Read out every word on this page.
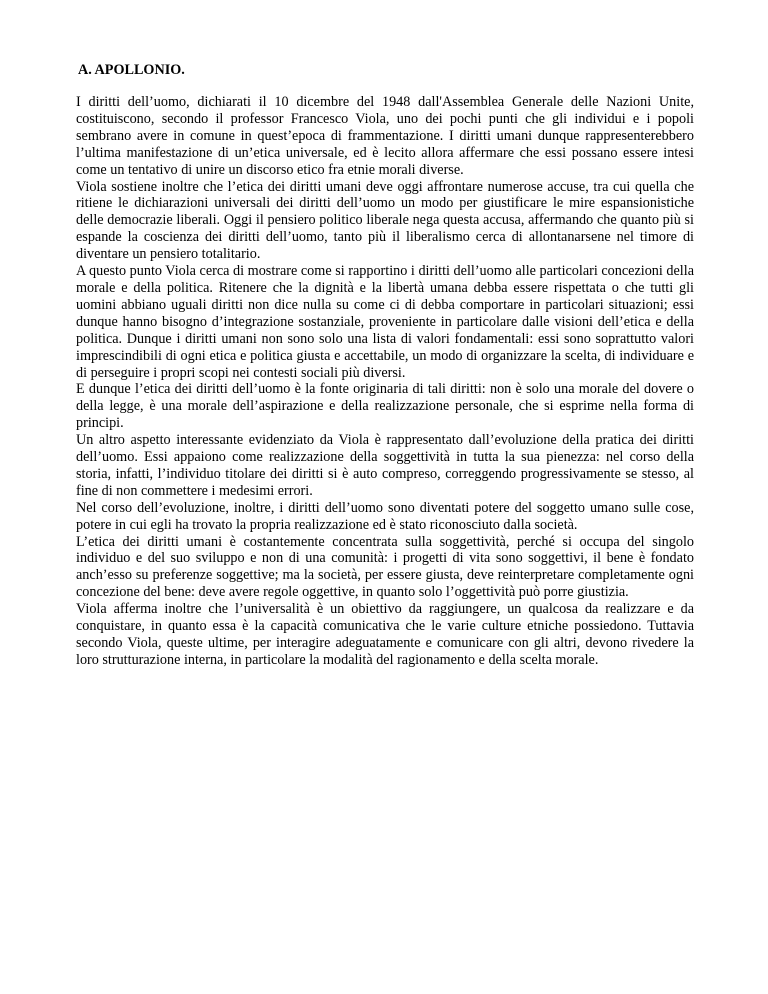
A. APOLLONIO.

I diritti dell’uomo, dichiarati il 10 dicembre del 1948 dall'Assemblea Generale delle Nazioni Unite, costituiscono, secondo il professor Francesco Viola, uno dei pochi punti che gli individui e i popoli sembrano avere in comune in quest’epoca di frammentazione. I diritti umani dunque rappresenterebbero l’ultima manifestazione di un’etica universale, ed è lecito allora affermare che essi possano essere intesi come un tentativo di unire un discorso etico fra etnie morali diverse.

Viola sostiene inoltre che l’etica dei diritti umani deve oggi affrontare numerose accuse, tra cui quella che ritiene le dichiarazioni universali dei diritti dell’uomo un modo per giustificare le mire espansionistiche delle democrazie liberali. Oggi il pensiero politico liberale nega questa accusa, affermando che quanto più si espande la coscienza dei diritti dell’uomo, tanto più il liberalismo cerca di allontanarsene nel timore di diventare un pensiero totalitario.

A questo punto Viola cerca di mostrare come si rapportino i diritti dell’uomo alle particolari concezioni della morale e della politica. Ritenere che la dignità e la libertà umana debba essere rispettata o che tutti gli uomini abbiano uguali diritti non dice nulla su come ci di debba comportare in particolari situazioni; essi dunque hanno bisogno d’integrazione sostanziale, proveniente in particolare dalle visioni dell’etica e della politica. Dunque i diritti umani non sono solo una lista di valori fondamentali: essi sono soprattutto valori imprescindibili di ogni etica e politica giusta e accettabile, un modo di organizzare la scelta, di individuare e di perseguire i propri scopi nei contesti sociali più diversi.

E dunque l’etica dei diritti dell’uomo è la fonte originaria di tali diritti: non è solo una morale del dovere o della legge, è una morale dell’aspirazione e della realizzazione personale, che si esprime nella forma di principi.

Un altro aspetto interessante evidenziato da Viola è rappresentato dall’evoluzione della pratica dei diritti dell’uomo. Essi appaiono come realizzazione della soggettività in tutta la sua pienezza: nel corso della storia, infatti, l’individuo titolare dei diritti si è auto compreso, correggendo progressivamente se stesso, al fine di non commettere i medesimi errori.

Nel corso dell’evoluzione, inoltre, i diritti dell’uomo sono diventati potere del soggetto umano sulle cose, potere in cui egli ha trovato la propria realizzazione ed è stato riconosciuto dalla società.

L’etica dei diritti umani è costantemente concentrata sulla soggettività, perché si occupa del singolo individuo e del suo sviluppo e non di una comunità: i progetti di vita sono soggettivi, il bene è fondato anch’esso su preferenze soggettive; ma la società, per essere giusta, deve reinterpretare completamente ogni concezione del bene: deve avere regole oggettive, in quanto solo l’oggettività può porre giustizia.

Viola afferma inoltre che l’universalità è un obiettivo da raggiungere, un qualcosa da realizzare e da conquistare, in quanto essa è la capacità comunicativa che le varie culture etniche possiedono. Tuttavia secondo Viola, queste ultime, per interagire adeguatamente e comunicare con gli altri, devono rivedere la loro strutturazione interna, in particolare la modalità del ragionamento e della scelta morale.
